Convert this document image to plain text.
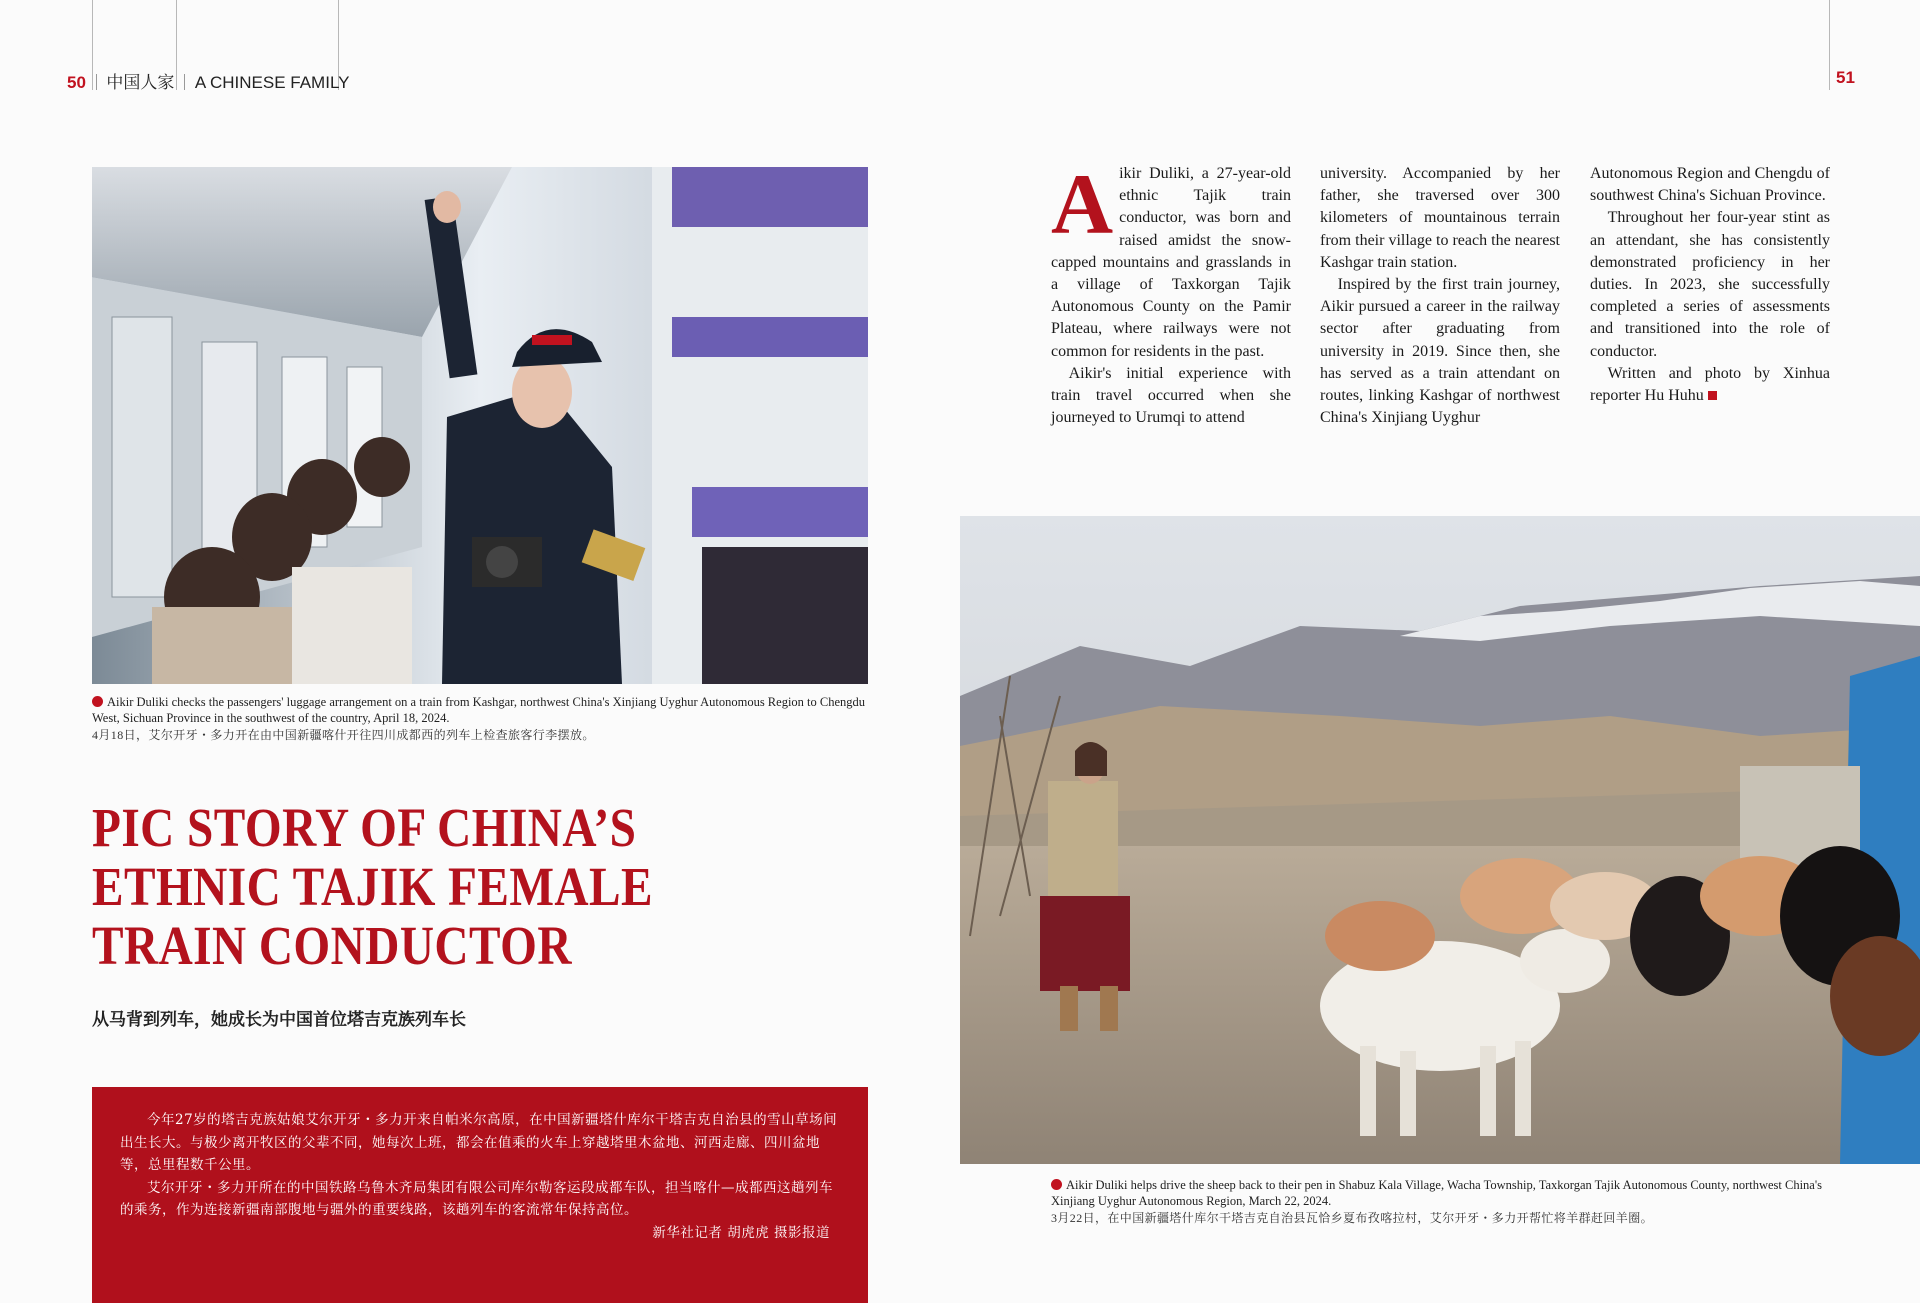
50 中国人家 A CHINESE FAMILY	51
Aikir Duliki checks the passengers' luggage arrangement on a train from Kashgar, northwest China's Xinjiang Uyghur Autonomous Region to Chengdu West, Sichuan Province in the southwest of the country, April 18, 2024.
4月18日，艾尔开牙・多力开在由中国新疆喀什开往四川成都西的列车上检查旅客行李摆放。
PIC STORY OF CHINA’S
ETHNIC TAJIK FEMALE
TRAIN CONDUCTOR
从马背到列车，她成长为中国首位塔吉克族列车长

今年27岁的塔吉克族姑娘艾尔开牙・多力开来自帕米尔高原，在中国新疆塔什库尔干塔吉克自治县的雪山草场间出生长大。与极少离开牧区的父辈不同，她每次上班，都会在值乘的火车上穿越塔里木盆地、河西走廊、四川盆地等，总里程数千公里。

艾尔开牙・多力开所在的中国铁路乌鲁木齐局集团有限公司库尔勒客运段成都车队，担当喀什—成都西这趟列车的乘务，作为连接新疆南部腹地与疆外的重要线路，该趟列车的客流常年保持高位。

新华社记者 胡虎虎 摄影报道

Aikir Duliki, a 27-year-old ethnic Tajik train conductor, was born and raised amidst the snow-capped mountains and grasslands in a village of Taxkorgan Tajik Autonomous County on the Pamir Plateau, where railways were not common for residents in the past.

Aikir's initial experience with train travel occurred when she journeyed to Urumqi to attend

university. Accompanied by her father, she traversed over 300 kilometers of mountainous terrain from their village to reach the nearest Kashgar train station.

Inspired by the first train journey, Aikir pursued a career in the railway sector after graduating from university in 2019. Since then, she has served as a train attendant on routes, linking Kashgar of northwest China's Xinjiang Uyghur

Autonomous Region and Chengdu of southwest China's Sichuan Province.

Throughout her four-year stint as an attendant, she has consistently demonstrated proficiency in her duties. In 2023, she successfully completed a series of assessments and transitioned into the role of conductor.

Written and photo by Xinhua reporter Hu Huhu

Aikir Duliki helps drive the sheep back to their pen in Shabuz Kala Village, Wacha Township, Taxkorgan Tajik Autonomous County, northwest China's Xinjiang Uyghur Autonomous Region, March 22, 2024.
3月22日，在中国新疆塔什库尔干塔吉克自治县瓦恰乡夏布孜喀拉村，艾尔开牙・多力开帮忙将羊群赶回羊圈。
